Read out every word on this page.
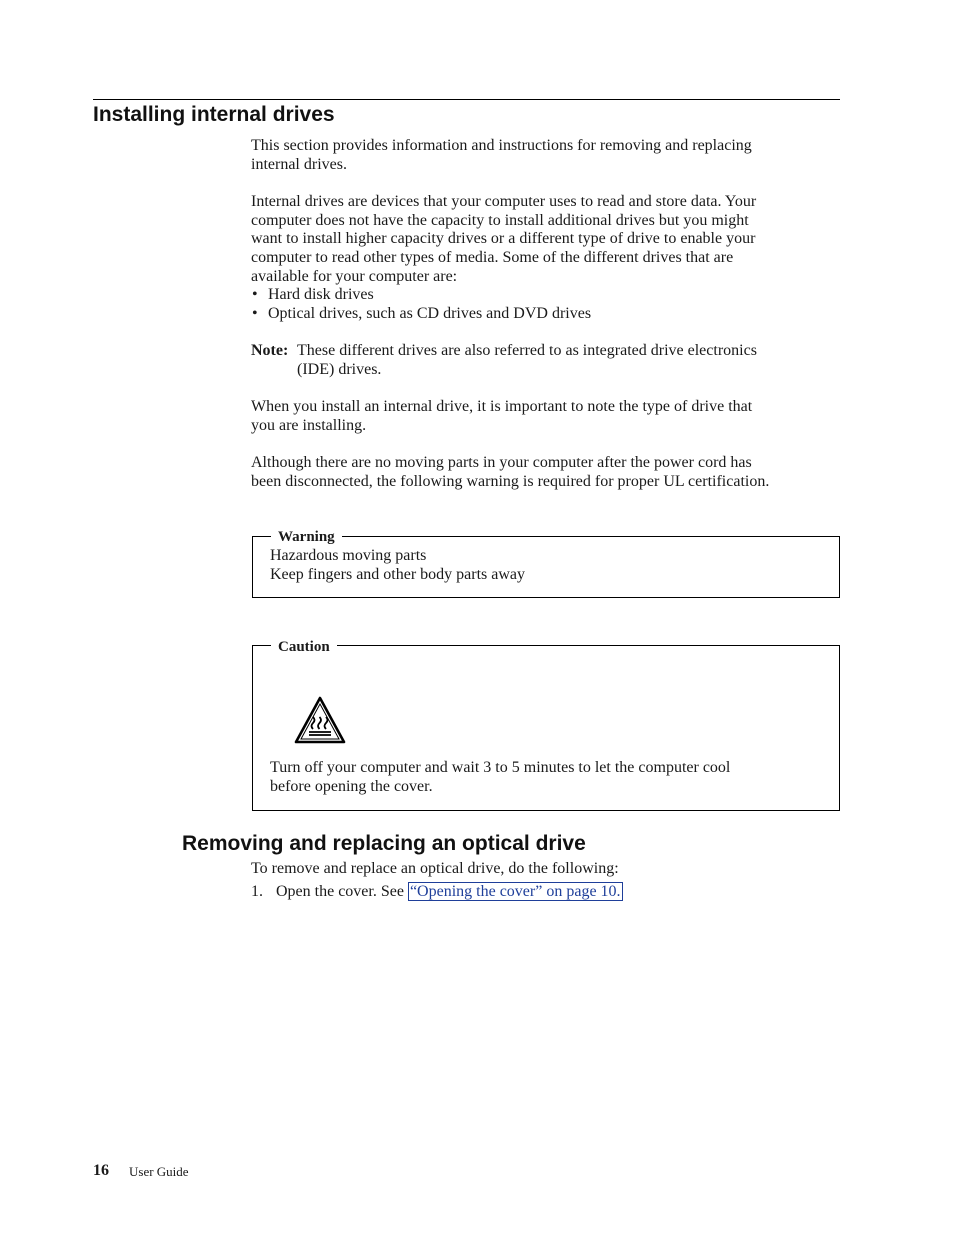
Installing internal drives
This section provides information and instructions for removing and replacing
internal drives.
Internal drives are devices that your computer uses to read and store data. Your
computer does not have the capacity to install additional drives but you might
want to install higher capacity drives or a different type of drive to enable your
computer to read other types of media. Some of the different drives that are
available for your computer are:
• Hard disk drives
• Optical drives, such as CD drives and DVD drives
Note: These different drives are also referred to as integrated drive electronics
(IDE) drives.
When you install an internal drive, it is important to note the type of drive that
you are installing.
Although there are no moving parts in your computer after the power cord has
been disconnected, the following warning is required for proper UL certification.
Warning
Hazardous moving parts
Keep fingers and other body parts away
Caution
Turn off your computer and wait 3 to 5 minutes to let the computer cool
before opening the cover.
Removing and replacing an optical drive
To remove and replace an optical drive, do the following:
1. Open the cover. See “Opening the cover” on page 10.
16 User Guide
